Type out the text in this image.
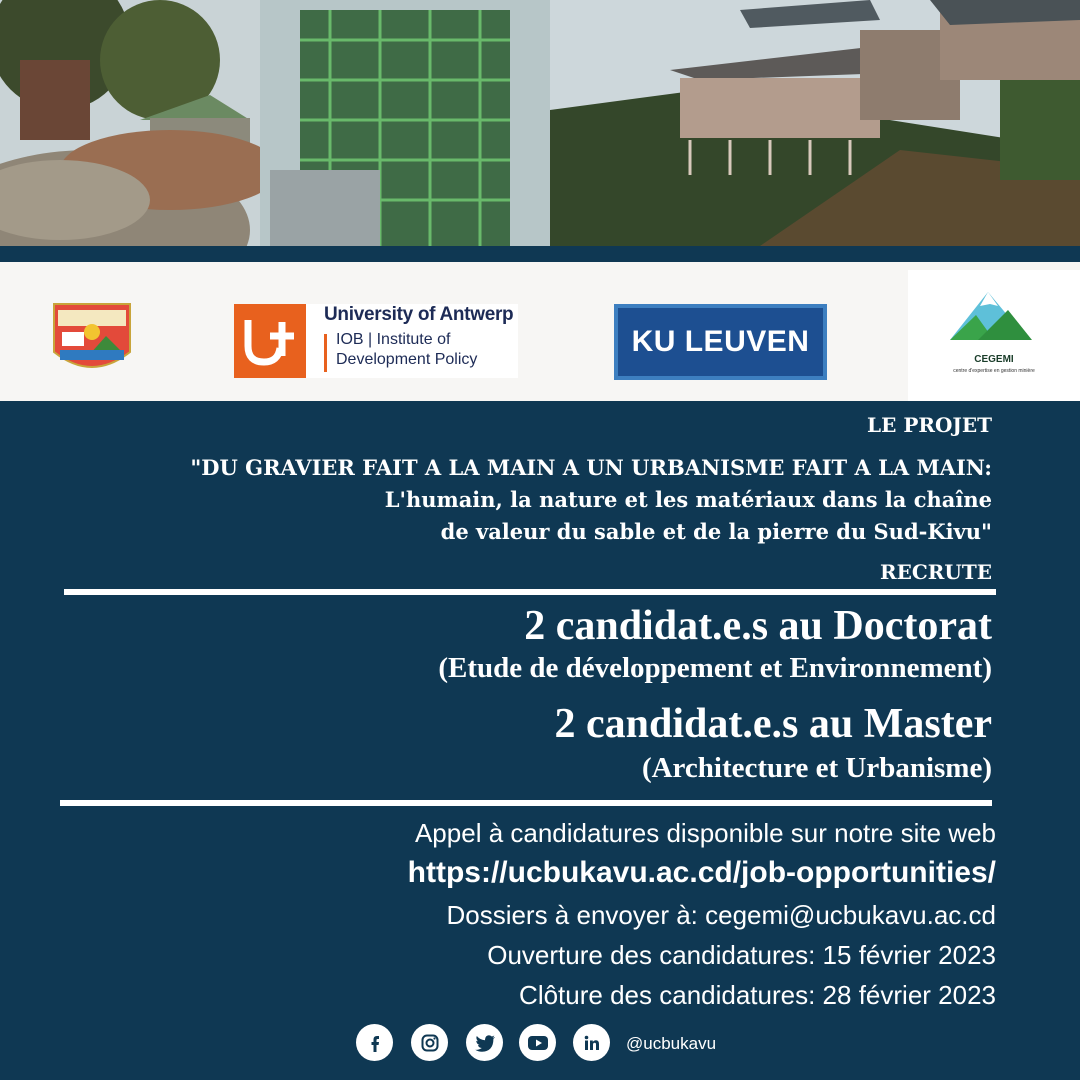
University of Antwerp
IOB | Institute of
Development Policy
KU LEUVEN
CEGEMI
centre d'expertise en gestion minière
LE PROJET
"DU GRAVIER FAIT A LA MAIN A UN URBANISME FAIT A LA MAIN:
L'humain, la nature et les matériaux dans la chaîne
de valeur du sable et de la pierre du Sud-Kivu"
RECRUTE
2 candidat.e.s au Doctorat
(Etude de développement et Environnement)
2 candidat.e.s au Master
(Architecture et Urbanisme)
Appel à candidatures disponible sur notre site web
https://ucbukavu.ac.cd/job-opportunities/
Dossiers à envoyer à: cegemi@ucbukavu.ac.cd
Ouverture des candidatures: 15 février 2023
Clôture des candidatures: 28 février 2023
@ucbukavu
